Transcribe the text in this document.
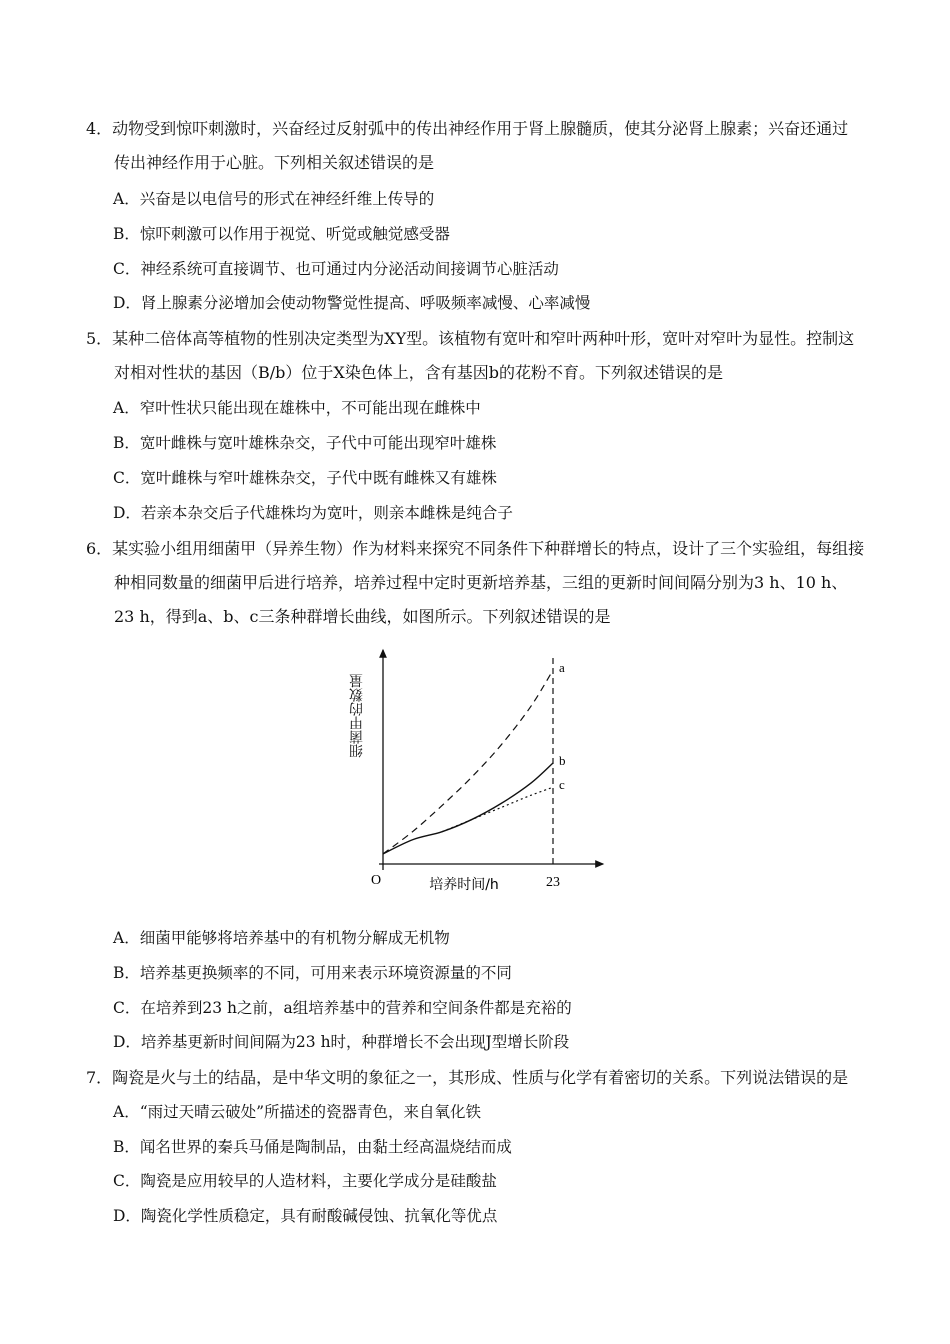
4．动物受到惊吓刺激时，兴奋经过反射弧中的传出神经作用于肾上腺髓质，使其分泌肾上腺素；兴奋还通过
传出神经作用于心脏。下列相关叙述错误的是
A．兴奋是以电信号的形式在神经纤维上传导的
B．惊吓刺激可以作用于视觉、听觉或触觉感受器
C．神经系统可直接调节、也可通过内分泌活动间接调节心脏活动
D．肾上腺素分泌增加会使动物警觉性提高、呼吸频率减慢、心率减慢
5．某种二倍体高等植物的性别决定类型为XY型。该植物有宽叶和窄叶两种叶形，宽叶对窄叶为显性。控制这
对相对性状的基因（B/b）位于X染色体上，含有基因b的花粉不育。下列叙述错误的是
A．窄叶性状只能出现在雄株中，不可能出现在雌株中
B．宽叶雌株与宽叶雄株杂交，子代中可能出现窄叶雄株
C．宽叶雌株与窄叶雄株杂交，子代中既有雌株又有雄株
D．若亲本杂交后子代雄株均为宽叶，则亲本雌株是纯合子
6．某实验小组用细菌甲（异养生物）作为材料来探究不同条件下种群增长的特点，设计了三个实验组，每组接
种相同数量的细菌甲后进行培养，培养过程中定时更新培养基，三组的更新时间间隔分别为3 h、10 h、
23 h，得到a、b、c三条种群增长曲线，如图所示。下列叙述错误的是
细菌甲的数量
O	23
培养时间/h
a
b
c
A．细菌甲能够将培养基中的有机物分解成无机物
B．培养基更换频率的不同，可用来表示环境资源量的不同
C．在培养到23 h之前，a组培养基中的营养和空间条件都是充裕的
D．培养基更新时间间隔为23 h时，种群增长不会出现J型增长阶段
7．陶瓷是火与土的结晶，是中华文明的象征之一，其形成、性质与化学有着密切的关系。下列说法错误的是
A．“雨过天晴云破处”所描述的瓷器青色，来自氧化铁
B．闻名世界的秦兵马俑是陶制品，由黏土经高温烧结而成
C．陶瓷是应用较早的人造材料，主要化学成分是硅酸盐
D．陶瓷化学性质稳定，具有耐酸碱侵蚀、抗氧化等优点
